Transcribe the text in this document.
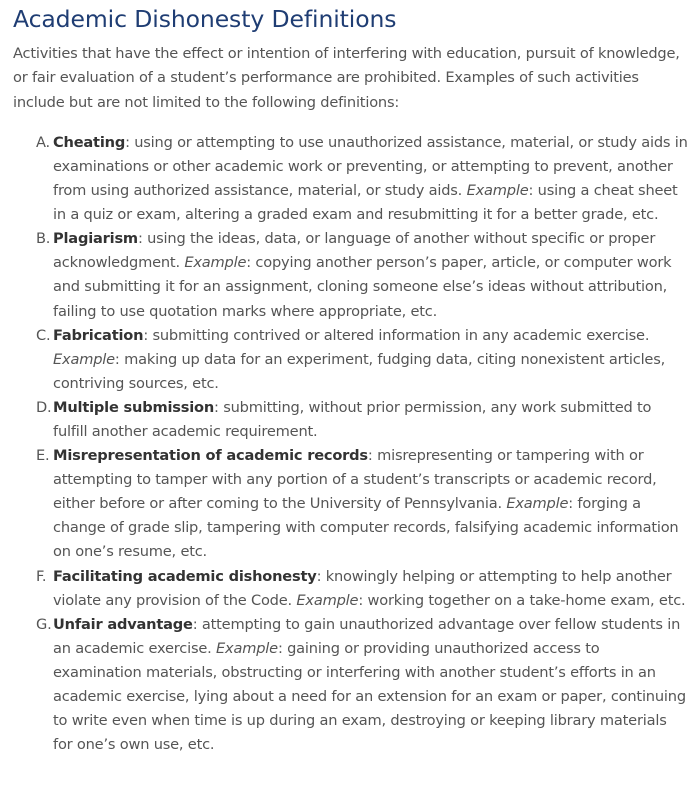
Academic Dishonesty Definitions

Activities that have the effect or intention of interfering with education, pursuit of knowledge, or fair evaluation of a student’s performance are prohibited. Examples of such activities include but are not limited to the following definitions:

A. Cheating: using or attempting to use unauthorized assistance, material, or study aids in examinations or other academic work or preventing, or attempting to prevent, another from using authorized assistance, material, or study aids. Example: using a cheat sheet in a quiz or exam, altering a graded exam and resubmitting it for a better grade, etc.
B. Plagiarism: using the ideas, data, or language of another without specific or proper acknowledgment. Example: copying another person’s paper, article, or computer work and submitting it for an assignment, cloning someone else’s ideas without attribution, failing to use quotation marks where appropriate, etc.
C. Fabrication: submitting contrived or altered information in any academic exercise. Example: making up data for an experiment, fudging data, citing nonexistent articles, contriving sources, etc.
D. Multiple submission: submitting, without prior permission, any work submitted to fulfill another academic requirement.
E. Misrepresentation of academic records: misrepresenting or tampering with or attempting to tamper with any portion of a student’s transcripts or academic record, either before or after coming to the University of Pennsylvania. Example: forging a change of grade slip, tampering with computer records, falsifying academic information on one’s resume, etc.
F. Facilitating academic dishonesty: knowingly helping or attempting to help another violate any provision of the Code. Example: working together on a take-home exam, etc.
G. Unfair advantage: attempting to gain unauthorized advantage over fellow students in an academic exercise. Example: gaining or providing unauthorized access to examination materials, obstructing or interfering with another student’s efforts in an academic exercise, lying about a need for an extension for an exam or paper, continuing to write even when time is up during an exam, destroying or keeping library materials for one’s own use, etc.
